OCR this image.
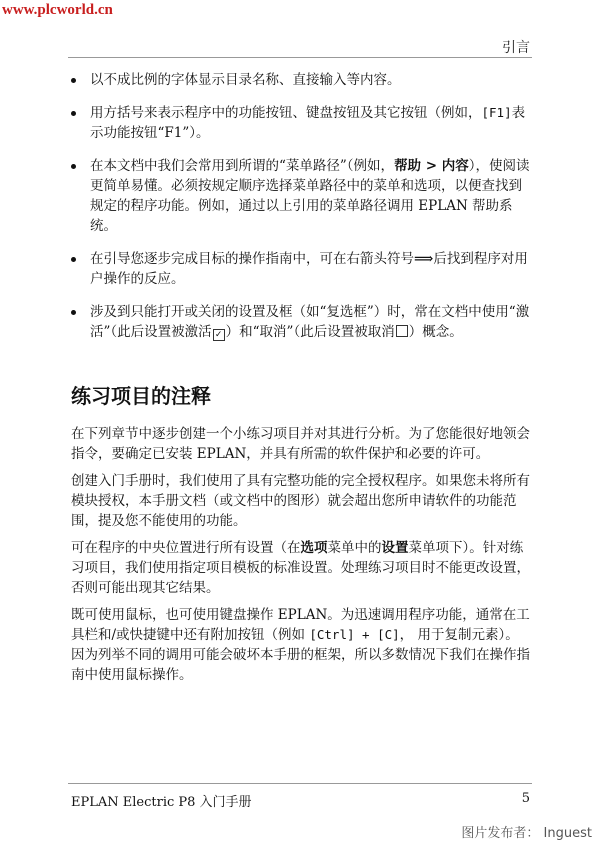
www.plcworld.cn
引言
以不成比例的字体显示目录名称、直接输入等内容。
用方括号来表示程序中的功能按钮、键盘按钮及其它按钮（例如，[F1]表示功能按钮“F1”）。
在本文档中我们会常用到所谓的“菜单路径”（例如，帮助 > 内容），使阅读更简单易懂。必须按规定顺序选择菜单路径中的菜单和选项，以便查找到规定的程序功能。例如，通过以上引用的菜单路径调用 EPLAN 帮助系统。
在引导您逐步完成目标的操作指南中，可在右箭头符号⟹后找到程序对用户操作的反应。
涉及到只能打开或关闭的设置及框（如“复选框”）时，常在文档中使用“激活”（此后设置被激活 ✓ ）和“取消”（此后设置被取消 ）概念。
练习项目的注释

在下列章节中逐步创建一个小练习项目并对其进行分析。为了您能很好地领会指令，要确定已安装 EPLAN，并具有所需的软件保护和必要的许可。

创建入门手册时，我们使用了具有完整功能的完全授权程序。如果您未将所有模块授权，本手册文档（或文档中的图形）就会超出您所申请软件的功能范围，提及您不能使用的功能。

可在程序的中央位置进行所有设置（在选项菜单中的设置菜单项下）。针对练习项目，我们使用指定项目模板的标准设置。处理练习项目时不能更改设置，否则可能出现其它结果。

既可使用鼠标，也可使用键盘操作 EPLAN。为迅速调用程序功能，通常在工具栏和/或快捷键中还有附加按钮（例如 [Ctrl] + [C]， 用于复制元素）。因为列举不同的调用可能会破坏本手册的框架，所以多数情况下我们在操作指南中使用鼠标操作。

EPLAN Electric P8 入门手册	5
图片发布者： Inguest
